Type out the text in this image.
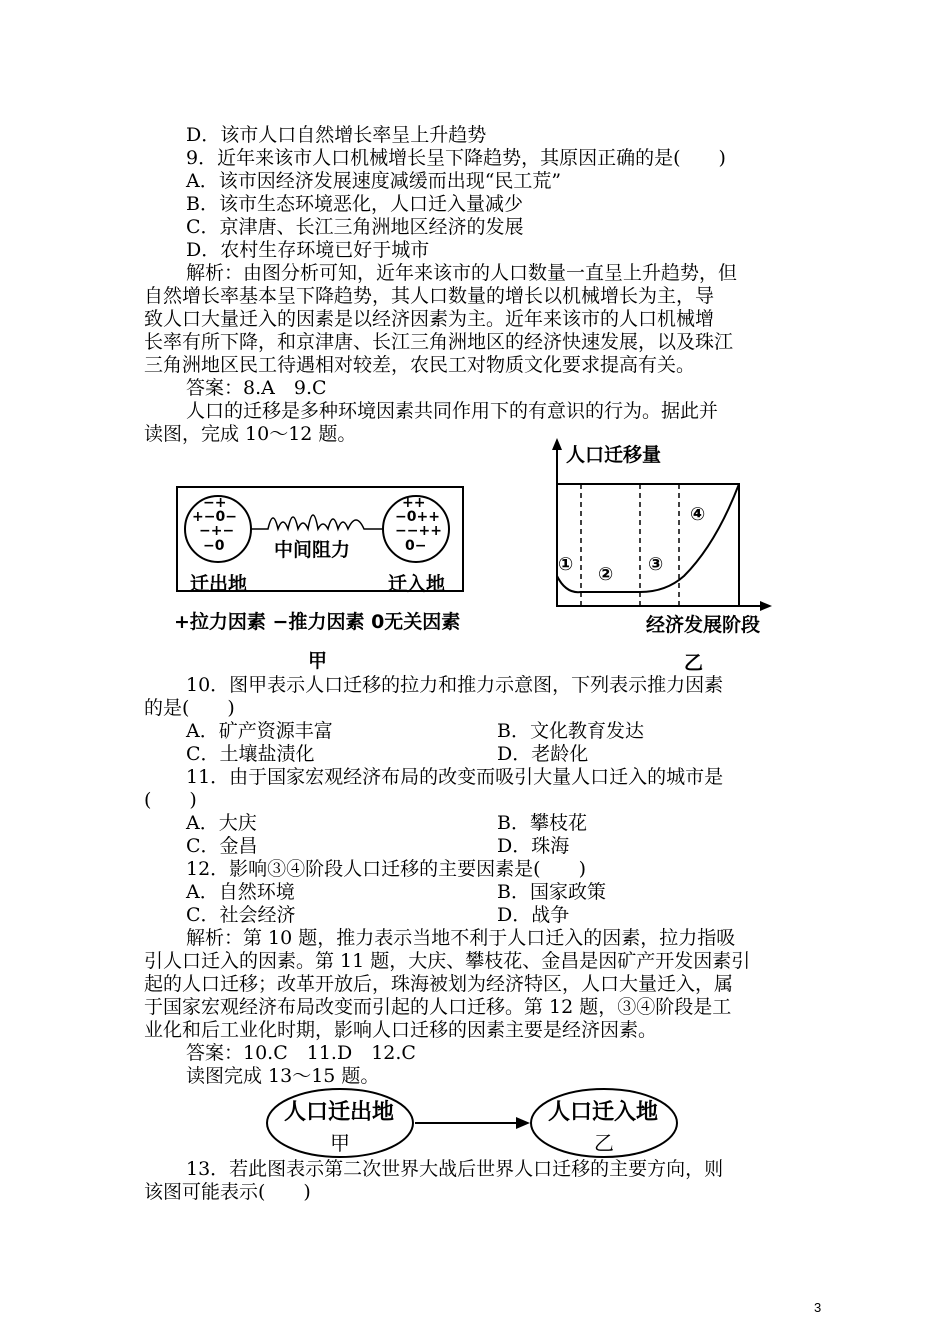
D．该市人口自然增长率呈上升趋势
9．近年来该市人口机械增长呈下降趋势，其原因正确的是(　　)
A．该市因经济发展速度减缓而出现“民工荒”
B．该市生态环境恶化，人口迁入量减少
C．京津唐、长江三角洲地区经济的发展
D．农村生存环境已好于城市
解析：由图分析可知，近年来该市的人口数量一直呈上升趋势，但
自然增长率基本呈下降趋势，其人口数量的增长以机械增长为主，导
致人口大量迁入的因素是以经济因素为主。近年来该市的人口机械增
长率有所下降，和京津唐、长江三角洲地区的经济快速发展，以及珠江
三角洲地区民工待遇相对较差，农民工对物质文化要求提高有关。
答案：8.A　9.C
人口的迁移是多种环境因素共同作用下的有意识的行为。据此并
读图，完成 10～12 题。
−+
+−0−
−+−
−0
++
−0++
−−++
0−
中间阻力
迁出地	迁入地
+拉力因素 −推力因素 0无关因素
甲
人口迁移量
① ② ③
④
经济发展阶段
乙
10．图甲表示人口迁移的拉力和推力示意图，下列表示推力因素
的是(　　)
A．矿产资源丰富	B．文化教育发达
C．土壤盐渍化	D．老龄化
11．由于国家宏观经济布局的改变而吸引大量人口迁入的城市是
(　　)
A．大庆	B．攀枝花
C．金昌	D．珠海
12．影响③④阶段人口迁移的主要因素是(　　)
A．自然环境	B．国家政策
C．社会经济	D．战争
解析：第 10 题，推力表示当地不利于人口迁入的因素，拉力指吸
引人口迁入的因素。第 11 题，大庆、攀枝花、金昌是因矿产开发因素引
起的人口迁移；改革开放后，珠海被划为经济特区，人口大量迁入，属
于国家宏观经济布局改变而引起的人口迁移。第 12 题，③④阶段是工
业化和后工业化时期，影响人口迁移的因素主要是经济因素。
答案：10.C　11.D　12.C
读图完成 13～15 题。
人口迁出地
甲
人口迁入地
乙
13．若此图表示第二次世界大战后世界人口迁移的主要方向，则
该图可能表示(　　)
3
